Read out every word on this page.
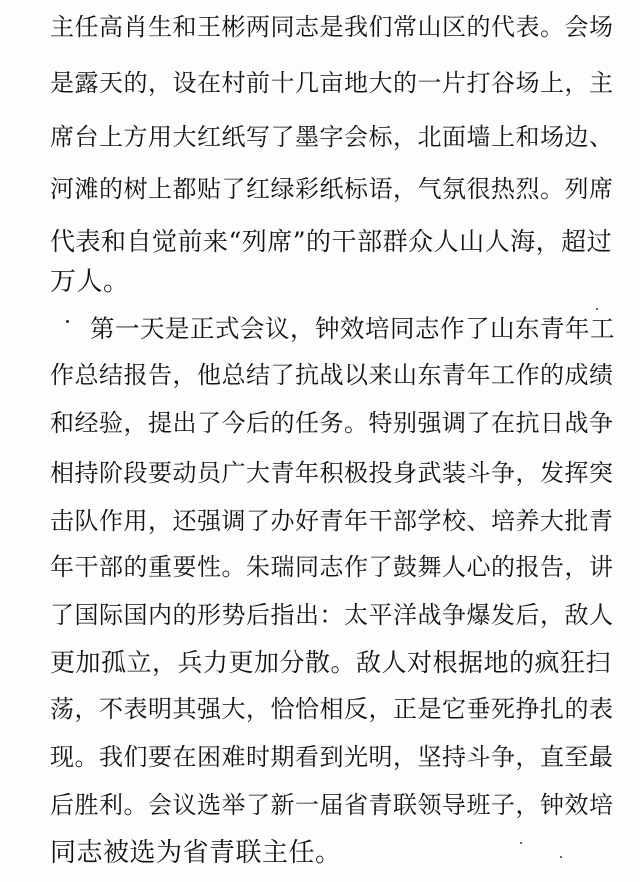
主任高肖生和王彬两同志是我们常山区的代表。会场
是露天的，设在村前十几亩地大的一片打谷场上，主
席台上方用大红纸写了墨字会标，北面墙上和场边、
河滩的树上都贴了红绿彩纸标语，气氛很热烈。列席
代表和自觉前来“列席”的干部群众人山人海，超过
万人。
第一天是正式会议，钟效培同志作了山东青年工
作总结报告，他总结了抗战以来山东青年工作的成绩
和经验，提出了今后的任务。特别强调了在抗日战争
相持阶段要动员广大青年积极投身武装斗争，发挥突
击队作用，还强调了办好青年干部学校、培养大批青
年干部的重要性。朱瑞同志作了鼓舞人心的报告，讲
了国际国内的形势后指出：太平洋战争爆发后，敌人
更加孤立，兵力更加分散。敌人对根据地的疯狂扫
荡，不表明其强大，恰恰相反，正是它垂死挣扎的表
现。我们要在困难时期看到光明，坚持斗争，直至最
后胜利。会议选举了新一届省青联领导班子，钟效培
同志被选为省青联主任。
